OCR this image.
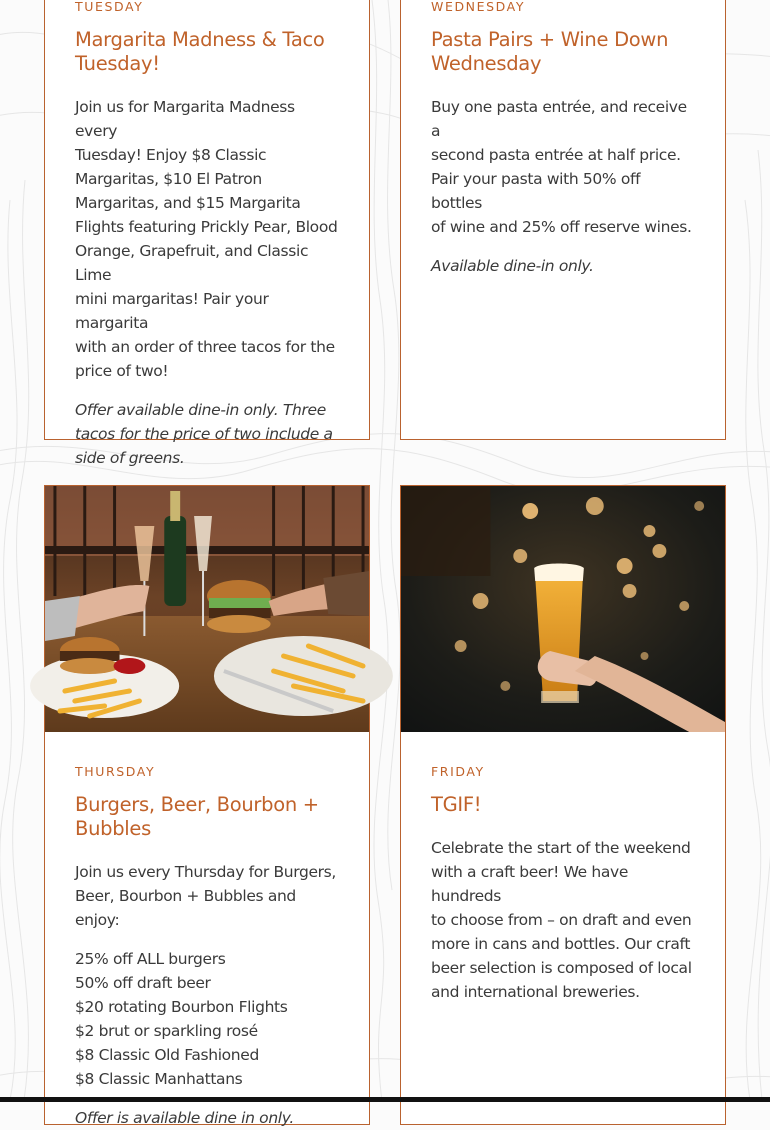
TUESDAY
Margarita Madness & Taco
Tuesday!

Join us for Margarita Madness every
Tuesday! Enjoy $8 Classic
Margaritas, $10 El Patron
Margaritas, and $15 Margarita
Flights featuring Prickly Pear, Blood
Orange, Grapefruit, and Classic Lime
mini margaritas! Pair your margarita
with an order of three tacos for the
price of two!

Offer available dine-in only. Three
tacos for the price of two include a
side of greens.

WEDNESDAY
Pasta Pairs + Wine Down
Wednesday

Buy one pasta entrée, and receive a
second pasta entrée at half price.
Pair your pasta with 50% off bottles
of wine and 25% off reserve wines.

Available dine-in only.

THURSDAY
Burgers, Beer, Bourbon +
Bubbles

Join us every Thursday for Burgers,
Beer, Bourbon + Bubbles and enjoy:

25% off ALL burgers
50% off draft beer
$20 rotating Bourbon Flights
$2 brut or sparkling rosé
$8 Classic Old Fashioned
$8 Classic Manhattans

Offer is available dine in only.

FRIDAY
TGIF!

Celebrate the start of the weekend
with a craft beer! We have hundreds
to choose from – on draft and even
more in cans and bottles. Our craft
beer selection is composed of local
and international breweries.
